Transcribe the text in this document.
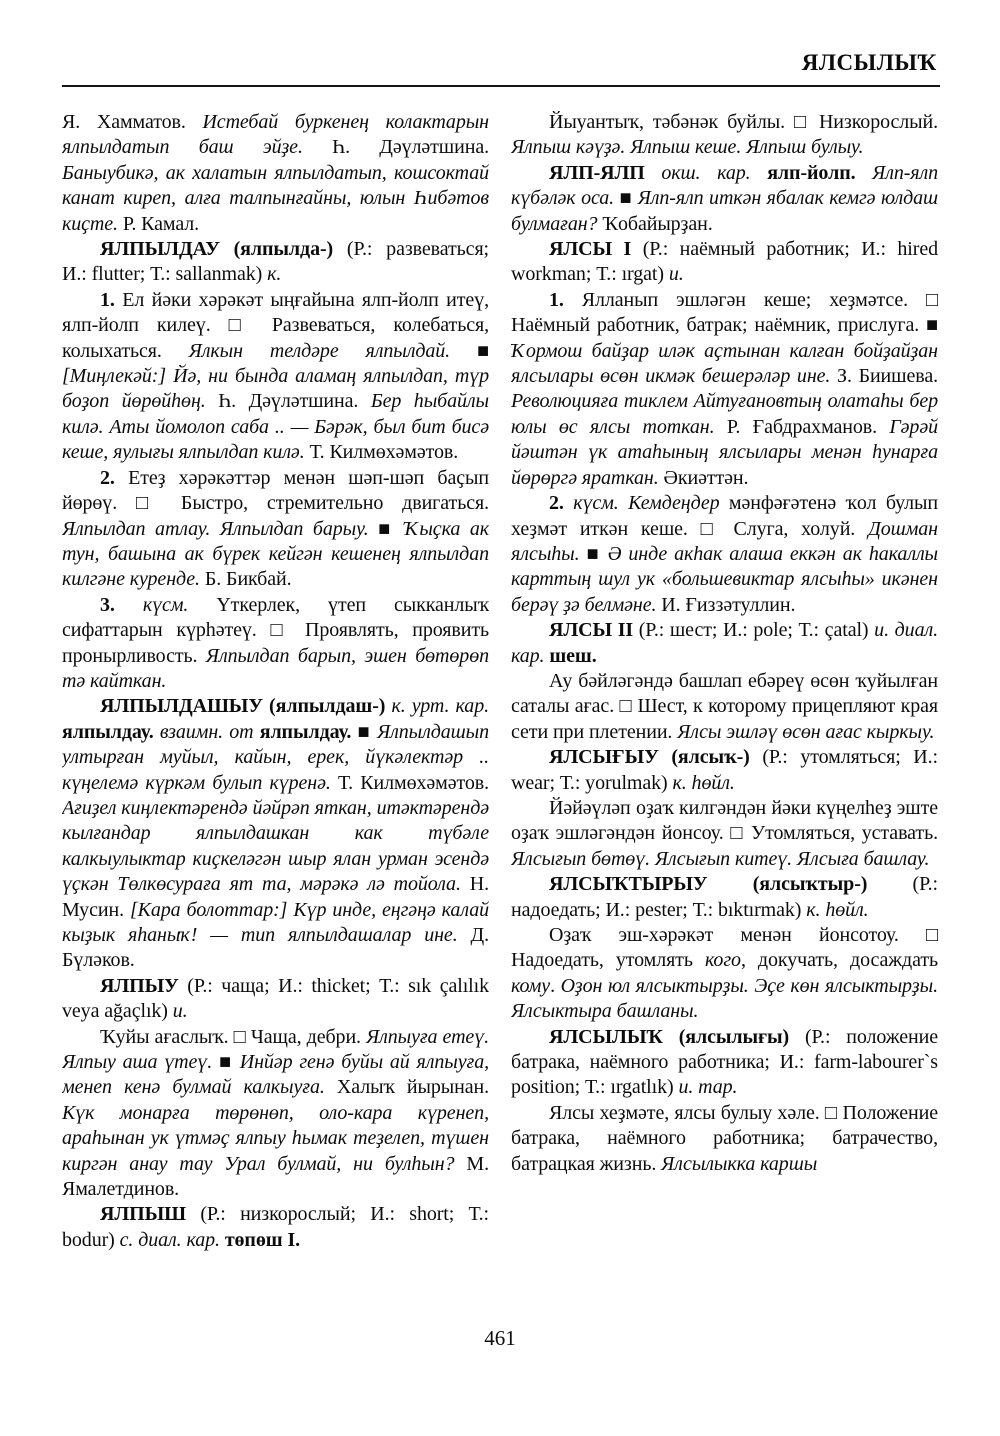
ЯЛСЫЛЫҠ

Я. Хамматов. Истебай буркенең колактарын ялпылдатып баш эйҙе. Һ. Дәүләтшина. Баныубикә, ак халатын ялпылдатып, кошсоктай канат киреп, алға талпынғайны, юлын Һибәтов киҫте. Р. Камал.

ЯЛПЫЛДАУ (ялпылда-) (Р.: развеваться; И.: flutter; Т.: sallanmak) к.

1. Ел йәки хәрәкәт ыңғайына ялп-йолп итеү, ялп-йолп килеү. □ Развеваться, колебаться, колыхаться. Ялкын телдәре ялпылдай. ■ [Миңлекәй:] Йә, ни бында аламаң ялпылдап, түр боҙоп йөрөйһөң. Һ. Дәүләтшина. Бер һыбайлы килә. Аты йомолоп саба .. — Бәрәк, был бит бисә кеше, яулығы ялпылдап килә. Т. Килмөхәмәтов.

2. Етеҙ хәрәкәттәр менән шәп-шәп баҫып йөрөү. □ Быстро, стремительно двигаться. Ялпылдап атлау. Ялпылдап барыу. ■ Ҡыҫка ак тун, башына ак бүрек кейгән кешенең ялпылдап килгәне куренде. Б. Бикбай.

3. күсм. Үткерлек, үтеп сыкканлыҡ сифаттарын күрһәтеү. □ Проявлять, проявить пронырливость. Ялпылдап барып, эшен бөтөрөп тә кайткан.

ЯЛПЫЛДАШЫУ (ялпылдаш-) к. урт. кар. ялпылдау. взаимн. от ялпылдау. ■ Ялпылдашып ултырған муйыл, кайын, ерек, йүкәлектәр .. күңелемә күркәм булып күренә. Т. Килмөхәмәтов. Ағиҙел киңлектәрендә йәйрәп яткан, итәктәрендә кылғандар ялпылдашкан как түбәле калкыулыктар киҫкеләгән шыр ялан урман эсендә үҫкән Төлкөсураға ят та, мәрәкә лә тойола. Н. Мусин. [Кара болоттар:] Күр инде, еңгәңә калай кыҙык яһаныҡ! — тип ялпылдашалар ине. Д. Бүләков.

ЯЛПЫУ (Р.: чаща; И.: thicket; Т.: sık çalılık veya ağaçlık) и.

Ҡуйы ағаслыҡ. □ Чаща, дебри. Ялпыуға етеү. Ялпыу аша үтеү. ■ Инйәр генә буйы ай ялпыуға, менеп кенә булмай калкыуға. Халыҡ йырынан. Күк монарға төрөнөп, оло-кара күренеп, араһынан ук үтмәҫ ялпыу һымак теҙелеп, түшен киргән анау тау Урал булмай, ни булһын? М. Ямалетдинов.

ЯЛПЫШ (Р.: низкорослый; И.: short; Т.: bodur) с. диал. кар. төпөш I.

Йыуантыҡ, тәбәнәк буйлы. □ Низкорослый. Ялпыш кәүҙә. Ялпыш кеше. Ялпыш булыу.

ЯЛП-ЯЛП окш. кар. ялп-йолп. Ялп-ялп күбәләк оса. ■ Ялп-ялп иткән ябалак кемгә юлдаш булмаған? Ҡобайырҙан.

ЯЛСЫ I (Р.: наёмный работник; И.: hired workman; Т.: ırgat) и.

1. Ялланып эшләгән кеше; хеҙмәтсе. □ Наёмный работник, батрак; наёмник, прислуга. ■ Ҡормош байҙар иләк аҫтынан калған бойҙайҙан ялсылары өсөн икмәк бешерәләр ине. З. Биишева. Революцияға тиклем Айтуғановтың олатаһы бер юлы өс ялсы тоткан. Р. Ғабдрахманов. Гәрәй йәштән үк атаһының ялсылары менән һунарға йөрөргә яраткан. Әкиәттән.

2. күсм. Кемдеңдер мәнфәғәтенә ҡол булып хеҙмәт иткән кеше. □ Слуга, холуй. Дошман ялсыһы. ■ Ә инде акһак алаша еккән ак һакаллы карттың шул ук «большевиктар ялсыһы» икәнен берәү ҙә белмәне. И. Ғиззәтуллин.

ЯЛСЫ II (Р.: шест; И.: pole; Т.: çatal) и. диал. кар. шеш.

Ау бәйләгәндә башлап ебәреү өсөн ҡуйылған саталы ағас. □ Шест, к которому прицепляют края сети при плетении. Ялсы эшләү өсөн ағас кыркыу.

ЯЛСЫҒЫУ (ялсыҡ-) (Р.: утомляться; И.: wear; Т.: yorulmak) к. һөйл.

Йәйәүләп оҙаҡ килгәндән йәки күңелһеҙ эште оҙаҡ эшләгәндән йонсоу. □ Утомляться, уставать. Ялсығып бөтөү. Ялсығып китеү. Ялсыға башлау.

ЯЛСЫҠТЫРЫУ (ялсыҡтыр-) (Р.: надоедать; И.: pester; Т.: bıktırmak) к. һөйл.

Оҙаҡ эш-хәрәкәт менән йонсотоу. □ Надоедать, утомлять кого, докучать, досаждать кому. Оҙон юл ялсыктырҙы. Эҫе көн ялсыктырҙы. Ялсыктыра башланы.

ЯЛСЫЛЫҠ (ялсылығы) (Р.: положение батрака, наёмного работника; И.: farm-labourer`s position; Т.: ırgatlık) и. тар.

Ялсы хеҙмәте, ялсы булыу хәле. □ Положение батрака, наёмного работника; батрачество, батрацкая жизнь. Ялсылыкка каршы

461
